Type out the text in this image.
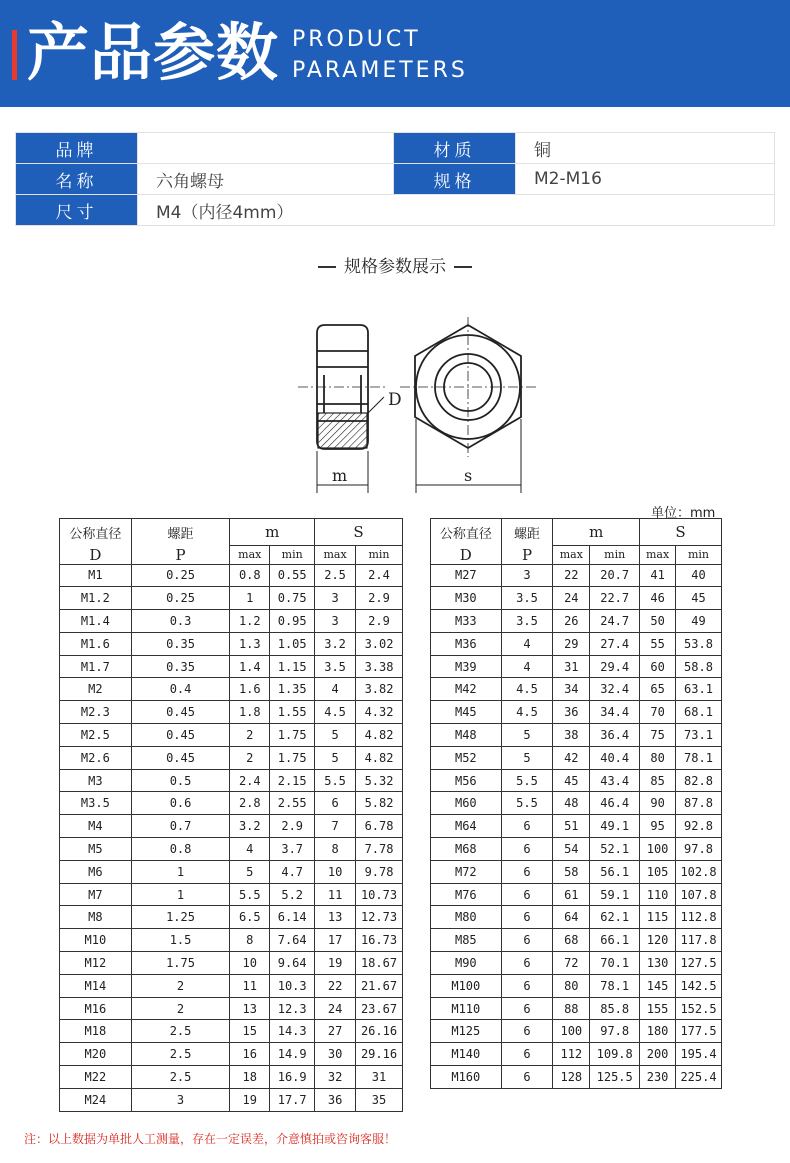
产品参数 PRODUCT
PARAMETERS
品牌		材质	铜
名称	六角螺母	规格	M2-M16
尺寸	M4（内径4mm）		
规格参数展示
D
m	s
单位：mm
公称直径	螺距	m		S	
D	P	max	min	max	min
M1	0.25	0.8	0.55	2.5	2.4
M1.2	0.25	1	0.75	3	2.9
M1.4	0.3	1.2	0.95	3	2.9
M1.6	0.35	1.3	1.05	3.2	3.02
M1.7	0.35	1.4	1.15	3.5	3.38
M2	0.4	1.6	1.35	4	3.82
M2.3	0.45	1.8	1.55	4.5	4.32
M2.5	0.45	2	1.75	5	4.82
M2.6	0.45	2	1.75	5	4.82
M3	0.5	2.4	2.15	5.5	5.32
M3.5	0.6	2.8	2.55	6	5.82
M4	0.7	3.2	2.9	7	6.78
M5	0.8	4	3.7	8	7.78
M6	1	5	4.7	10	9.78
M7	1	5.5	5.2	11	10.73
M8	1.25	6.5	6.14	13	12.73
M10	1.5	8	7.64	17	16.73
M12	1.75	10	9.64	19	18.67
M14	2	11	10.3	22	21.67
M16	2	13	12.3	24	23.67
M18	2.5	15	14.3	27	26.16
M20	2.5	16	14.9	30	29.16
M22	2.5	18	16.9	32	31
M24	3	19	17.7	36	35
公称直径	螺距	m		S	
D	P	max	min	max	min
M27	3	22	20.7	41	40
M30	3.5	24	22.7	46	45
M33	3.5	26	24.7	50	49
M36	4	29	27.4	55	53.8
M39	4	31	29.4	60	58.8
M42	4.5	34	32.4	65	63.1
M45	4.5	36	34.4	70	68.1
M48	5	38	36.4	75	73.1
M52	5	42	40.4	80	78.1
M56	5.5	45	43.4	85	82.8
M60	5.5	48	46.4	90	87.8
M64	6	51	49.1	95	92.8
M68	6	54	52.1	100	97.8
M72	6	58	56.1	105	102.8
M76	6	61	59.1	110	107.8
M80	6	64	62.1	115	112.8
M85	6	68	66.1	120	117.8
M90	6	72	70.1	130	127.5
M100	6	80	78.1	145	142.5
M110	6	88	85.8	155	152.5
M125	6	100	97.8	180	177.5
M140	6	112	109.8	200	195.4
M160	6	128	125.5	230	225.4
注：以上数据为单批人工测量，存在一定误差，介意慎拍或咨询客服！
